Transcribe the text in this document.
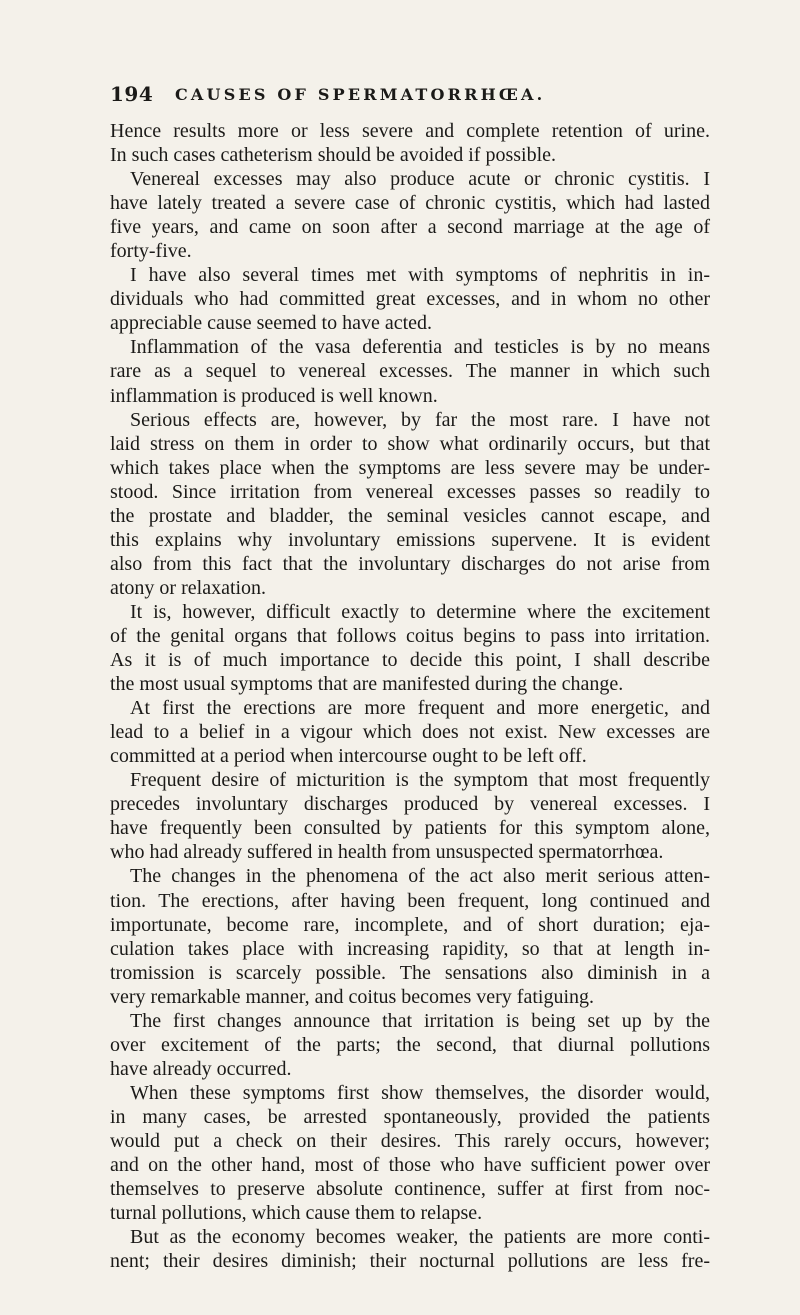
194 CAUSES OF SPERMATORRHŒA.
Hence results more or less severe and complete retention of urine.
In such cases catheterism should be avoided if possible.
Venereal excesses may also produce acute or chronic cystitis. I
have lately treated a severe case of chronic cystitis, which had lasted
five years, and came on soon after a second marriage at the age of
forty-five.
I have also several times met with symptoms of nephritis in in-
dividuals who had committed great excesses, and in whom no other
appreciable cause seemed to have acted.
Inflammation of the vasa deferentia and testicles is by no means
rare as a sequel to venereal excesses. The manner in which such
inflammation is produced is well known.
Serious effects are, however, by far the most rare. I have not
laid stress on them in order to show what ordinarily occurs, but that
which takes place when the symptoms are less severe may be under-
stood. Since irritation from venereal excesses passes so readily to
the prostate and bladder, the seminal vesicles cannot escape, and
this explains why involuntary emissions supervene. It is evident
also from this fact that the involuntary discharges do not arise from
atony or relaxation.
It is, however, difficult exactly to determine where the excitement
of the genital organs that follows coitus begins to pass into irritation.
As it is of much importance to decide this point, I shall describe
the most usual symptoms that are manifested during the change.
At first the erections are more frequent and more energetic, and
lead to a belief in a vigour which does not exist. New excesses are
committed at a period when intercourse ought to be left off.
Frequent desire of micturition is the symptom that most frequently
precedes involuntary discharges produced by venereal excesses. I
have frequently been consulted by patients for this symptom alone,
who had already suffered in health from unsuspected spermatorrhœa.
The changes in the phenomena of the act also merit serious atten-
tion. The erections, after having been frequent, long continued and
importunate, become rare, incomplete, and of short duration; eja-
culation takes place with increasing rapidity, so that at length in-
tromission is scarcely possible. The sensations also diminish in a
very remarkable manner, and coitus becomes very fatiguing.
The first changes announce that irritation is being set up by the
over excitement of the parts; the second, that diurnal pollutions
have already occurred.
When these symptoms first show themselves, the disorder would,
in many cases, be arrested spontaneously, provided the patients
would put a check on their desires. This rarely occurs, however;
and on the other hand, most of those who have sufficient power over
themselves to preserve absolute continence, suffer at first from noc-
turnal pollutions, which cause them to relapse.
But as the economy becomes weaker, the patients are more conti-
nent; their desires diminish; their nocturnal pollutions are less fre-
